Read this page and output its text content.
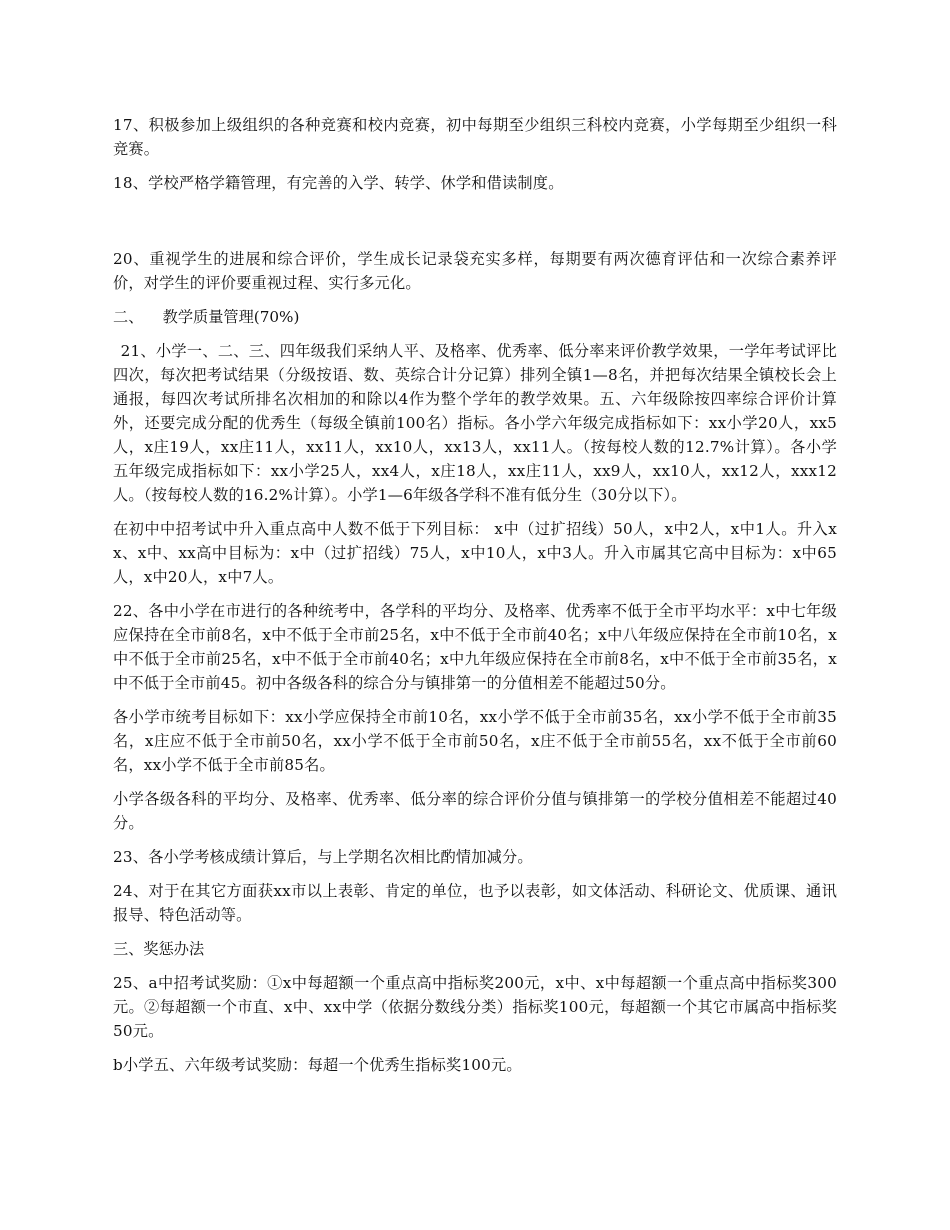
17、积极参加上级组织的各种竞赛和校内竞赛，初中每期至少组织三科校内竞赛，小学每期至少组织一科竞赛。

18、学校严格学籍管理，有完善的入学、转学、休学和借读制度。

20、重视学生的进展和综合评价，学生成长记录袋充实多样，每期要有两次德育评估和一次综合素养评价，对学生的评价要重视过程、实行多元化。

二、    教学质量管理(70%)

21、小学一、二、三、四年级我们采纳人平、及格率、优秀率、低分率来评价教学效果，一学年考试评比四次，每次把考试结果（分级按语、数、英综合计分记算）排列全镇1—8名，并把每次结果全镇校长会上通报，每四次考试所排名次相加的和除以4作为整个学年的教学效果。五、六年级除按四率综合评价计算外，还要完成分配的优秀生（每级全镇前100名）指标。各小学六年级完成指标如下：xx小学20人，xx5人，x庄19人，xx庄11人，xx11人，xx10人，xx13人，xx11人。（按每校人数的12.7%计算）。各小学五年级完成指标如下：xx小学25人，xx4人，x庄18人，xx庄11人，xx9人，xx10人，xx12人，xxx12人。（按每校人数的16.2%计算）。小学1—6年级各学科不准有低分生（30分以下）。

在初中中招考试中升入重点高中人数不低于下列目标： x中（过扩招线）50人，x中2人，x中1人。升入xx、x中、xx高中目标为：x中（过扩招线）75人，x中10人，x中3人。升入市属其它高中目标为：x中65人，x中20人，x中7人。

22、各中小学在市进行的各种统考中，各学科的平均分、及格率、优秀率不低于全市平均水平：x中七年级应保持在全市前8名，x中不低于全市前25名，x中不低于全市前40名；x中八年级应保持在全市前10名，x中不低于全市前25名，x中不低于全市前40名；x中九年级应保持在全市前8名，x中不低于全市前35名，x中不低于全市前45。初中各级各科的综合分与镇排第一的分值相差不能超过50分。

各小学市统考目标如下：xx小学应保持全市前10名，xx小学不低于全市前35名，xx小学不低于全市前35名，x庄应不低于全市前50名，xx小学不低于全市前50名，x庄不低于全市前55名，xx不低于全市前60名，xx小学不低于全市前85名。

小学各级各科的平均分、及格率、优秀率、低分率的综合评价分值与镇排第一的学校分值相差不能超过40分。

23、各小学考核成绩计算后，与上学期名次相比酌情加减分。

24、对于在其它方面获xx市以上表彰、肯定的单位，也予以表彰，如文体活动、科研论文、优质课、通讯报导、特色活动等。

三、奖惩办法

25、a中招考试奖励：①x中每超额一个重点高中指标奖200元，x中、x中每超额一个重点高中指标奖300元。②每超额一个市直、x中、xx中学（依据分数线分类）指标奖100元，每超额一个其它市属高中指标奖50元。

b小学五、六年级考试奖励：每超一个优秀生指标奖100元。
